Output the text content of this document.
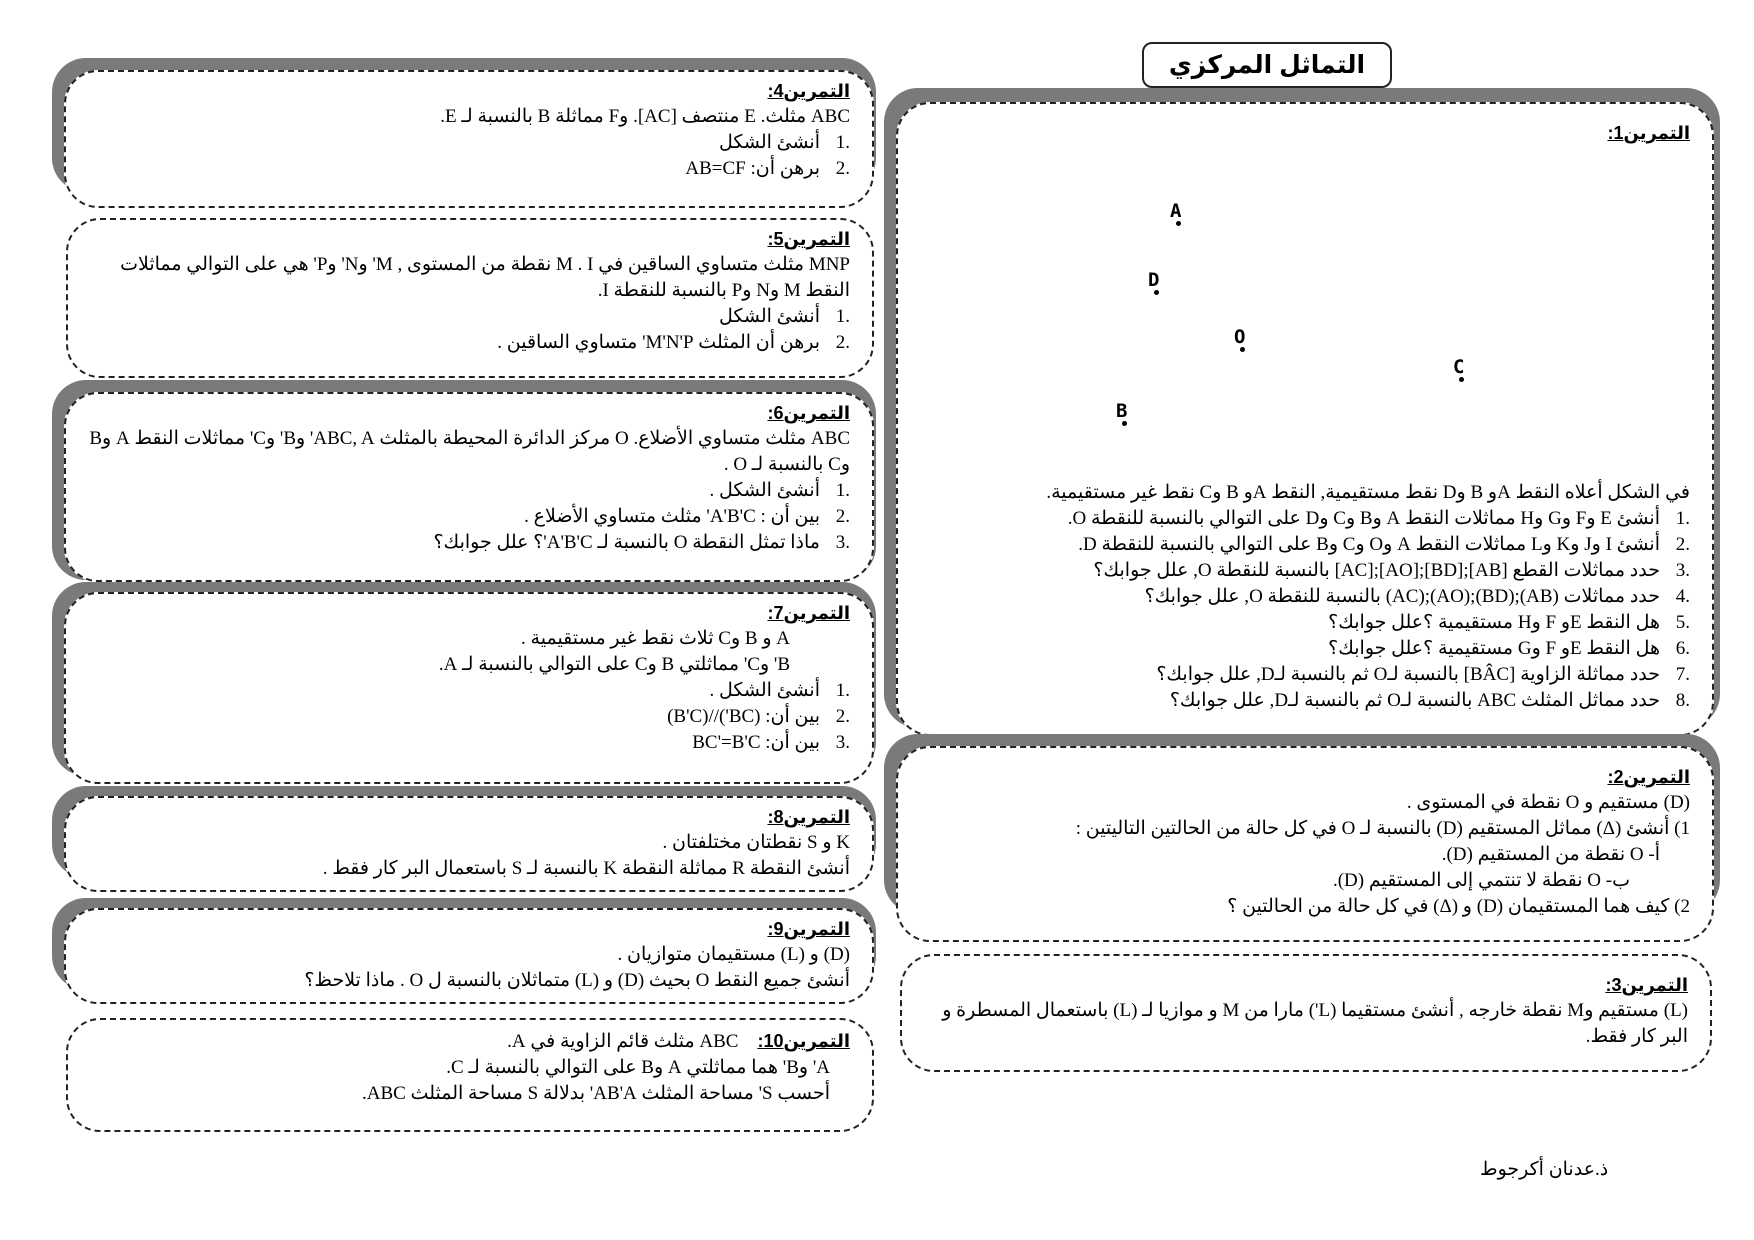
التماثل المركزي
التمرين1:
A
D
O
C
B
في الشكل أعلاه النقط Aو B وD نقط مستقيمية, النقط Aو B وC نقط غير مستقيمية.
.1أنشئ E وF وG وH مماثلات النقط A وB وC وD على التوالي بالنسبة للنقطة O.
.2أنشئ I وJ وK وL مماثلات النقط A وO وC وB على التوالي بالنسبة للنقطة D.
.3حدد مماثلات القطع [AB];[BD];[AO];[AC] بالنسبة للنقطة O, علل جوابك؟
.4حدد مماثلات (AB);(BD);(AO);(AC) بالنسبة للنقطة O, علل جوابك؟
.5هل النقط Eو F وH مستقيمية ؟علل جوابك؟
.6هل النقط Eو F وG مستقيمية ؟علل جوابك؟
.7حدد مماثلة الزاوية [BÂC] بالنسبة لـO ثم بالنسبة لـD, علل جوابك؟
.8حدد مماثل المثلث ABC بالنسبة لـO ثم بالنسبة لـD, علل جوابك؟
التمرين2:
(D) مستقيم و O نقطة في المستوى .
1) أنشئ (Δ) مماثل المستقيم (D) بالنسبة لـ O في كل حالة من الحالتين التاليتين :
أ- O نقطة من المستقيم (D).
ب- O نقطة لا تنتمي إلى المستقيم (D).
2) كيف هما المستقيمان (D) و (Δ) في كل حالة من الحالتين ؟
التمرين3:
(L) مستقيم وM نقطة خارجه , أنشئ مستقيما (L') مارا من M و موازيا لـ (L) باستعمال المسطرة و البر كار فقط.
التمرين4:
ABC مثلث. E منتصف [AC]. وF مماثلة B بالنسبة لـ E.
.1أنشئ الشكل
.2برهن أن: AB=CF
التمرين5:
MNP مثلث متساوي الساقين في M . I نقطة من المستوى , M' وN' وP' هي على التوالي مماثلات النقط M وN وP بالنسبة للنقطة I.
.1أنشئ الشكل
.2برهن أن المثلث M'N'P' متساوي الساقين .
التمرين6:
ABC مثلث متساوي الأضلاع. O مركز الدائرة المحيطة بالمثلث ABC, A' وB' وC' مماثلات النقط A وB وC بالنسبة لـ O .
.1أنشئ الشكل .
.2بين أن : A'B'C' مثلث متساوي الأضلاع .
.3ماذا تمثل النقطة O بالنسبة لـ A'B'C'؟ علل جوابك؟
التمرين7:
A و B وC ثلاث نقط غير مستقيمية .
B' وC' مماثلتي B وC على التوالي بالنسبة لـ A.
.1أنشئ الشكل .
.2بين أن: (BC')//(B'C)
.3بين أن: BC'=B'C
التمرين8:
K و S نقطتان مختلفتان .
أنشئ النقطة R مماثلة النقطة K بالنسبة لـ S باستعمال البر كار فقط .
التمرين9:
(D) و (L) مستقيمان متوازيان .
أنشئ جميع النقط O بحيث (D) و (L) متماثلان بالنسبة ل O . ماذا تلاحظ؟
التمرين10:    ABC مثلث قائم الزاوية في A.
A' وB' هما مماثلتي A وB على التوالي بالنسبة لـ C.
أحسب S' مساحة المثلث AB'A' بدلالة S مساحة المثلث ABC.
ذ.عدنان أكرجوط
